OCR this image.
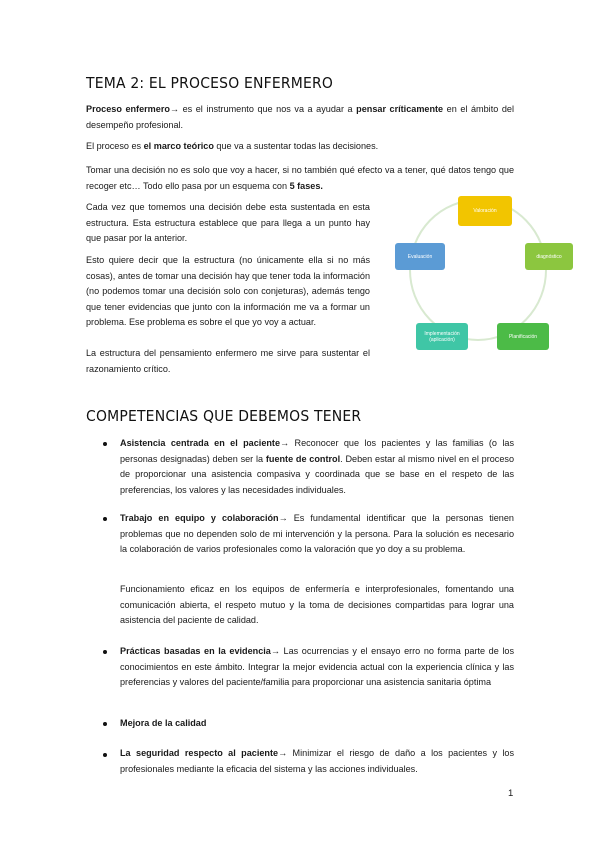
TEMA 2: EL PROCESO ENFERMERO
Proceso enfermero→ es el instrumento que nos va a ayudar a pensar críticamente en el ámbito del desempeño profesional.
El proceso es el marco teórico que va a sustentar todas las decisiones.
Tomar una decisión no es solo que voy a hacer, si no también qué efecto va a tener, qué datos tengo que recoger etc… Todo ello pasa por un esquema con 5 fases.
Cada vez que tomemos una decisión debe esta sustentada en esta estructura. Esta estructura establece que para llega a un punto hay que pasar por la anterior.
Esto quiere decir que la estructura (no únicamente ella si no más cosas), antes de tomar una decisión hay que tener toda la información (no podemos tomar una decisión solo con conjeturas), además tengo que tener evidencias que junto con la información me va a formar un problema. Ese problema es sobre el que yo voy a actuar.
La estructura del pensamiento enfermero me sirve para sustentar el razonamiento crítico.
Valoración
diagnóstico
Planificación
Implementación (aplicación)
Evaluación
COMPETENCIAS QUE DEBEMOS TENER
Asistencia centrada en el paciente→ Reconocer que los pacientes y las familias (o las personas designadas) deben ser la fuente de control. Deben estar al mismo nivel en el proceso de proporcionar una asistencia compasiva y coordinada que se base en el respeto de las preferencias, los valores y las necesidades individuales.
Trabajo en equipo y colaboración→ Es fundamental identificar que la personas tienen problemas que no dependen solo de mi intervención y la persona. Para la solución es necesario la colaboración de varios profesionales como la valoración que yo doy a su problema.
Funcionamiento eficaz en los equipos de enfermería e interprofesionales, fomentando una comunicación abierta, el respeto mutuo y la toma de decisiones compartidas para lograr una asistencia del paciente de calidad.
Prácticas basadas en la evidencia→ Las ocurrencias y el ensayo erro no forma parte de los conocimientos en este ámbito. Integrar la mejor evidencia actual con la experiencia clínica y las preferencias y valores del paciente/familia para proporcionar una asistencia sanitaria óptima
Mejora de la calidad
La seguridad respecto al paciente→ Minimizar el riesgo de daño a los pacientes y los profesionales mediante la eficacia del sistema y las acciones individuales.
1
